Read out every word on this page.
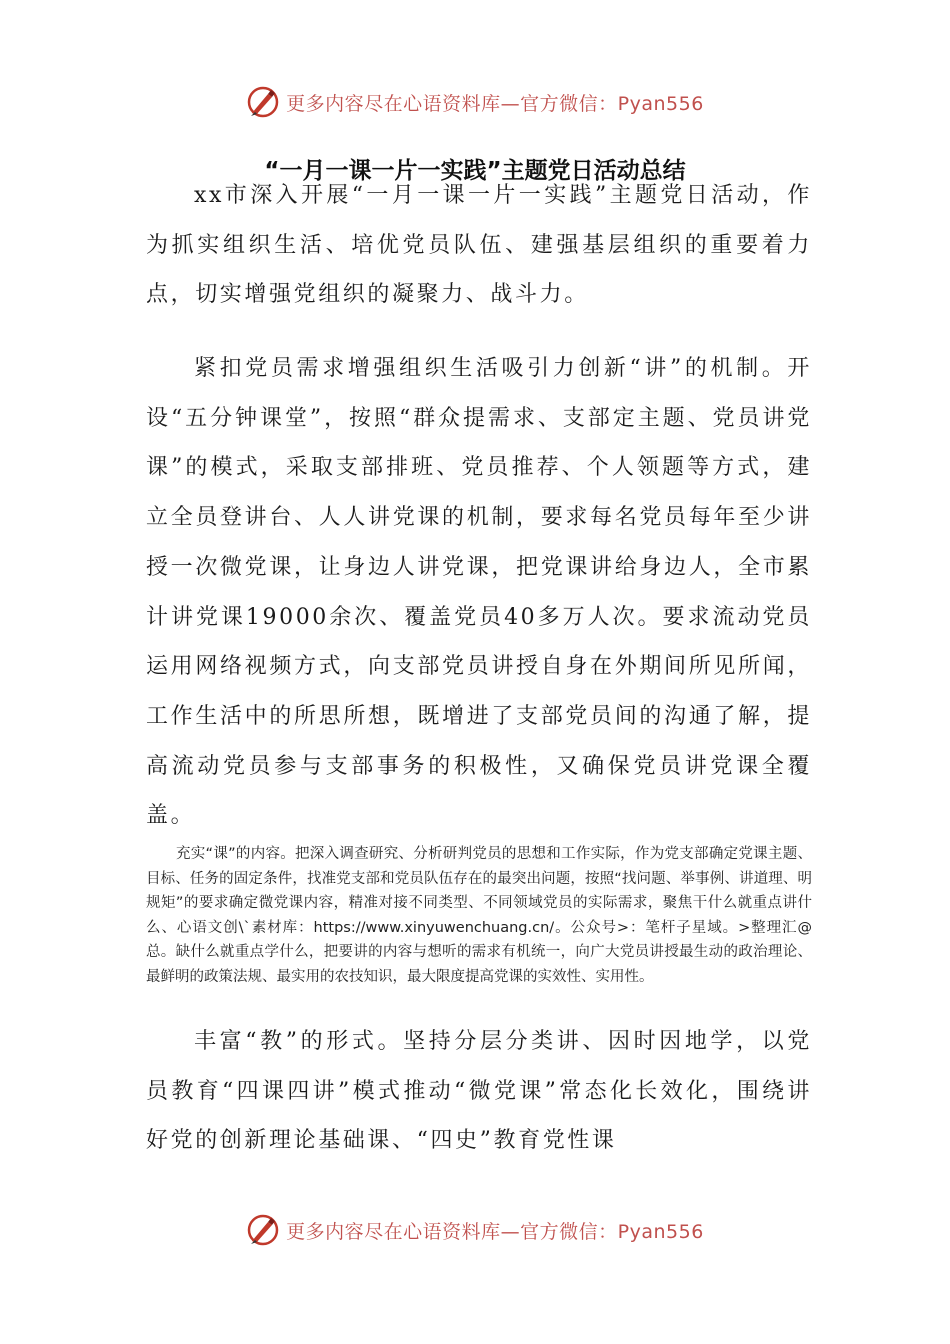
更多内容尽在心语资料库—官方微信：Pyan556
“一月一课一片一实践”主题党日活动总结

xx市深入开展“一月一课一片一实践”主题党日活动，作为抓实组织生活、培优党员队伍、建强基层组织的重要着力点，切实增强党组织的凝聚力、战斗力。

紧扣党员需求增强组织生活吸引力创新“讲”的机制。开设“五分钟课堂”，按照“群众提需求、支部定主题、党员讲党课”的模式，采取支部排班、党员推荐、个人领题等方式，建立全员登讲台、人人讲党课的机制，要求每名党员每年至少讲授一次微党课，让身边人讲党课，把党课讲给身边人，全市累计讲党课19000余次、覆盖党员40多万人次。要求流动党员运用网络视频方式，向支部党员讲授自身在外期间所见所闻，工作生活中的所思所想，既增进了支部党员间的沟通了解，提高流动党员参与支部事务的积极性，又确保党员讲党课全覆盖。

充实“课”的内容。把深入调查研究、分析研判党员的思想和工作实际，作为党支部确定党课主题、目标、任务的固定条件，找准党支部和党员队伍存在的最突出问题，按照“找问题、举事例、讲道理、明规矩”的要求确定微党课内容，精准对接不同类型、不同领域党员的实际需求，聚焦干什么就重点讲什么、心语文创\`素材库：https://www.xinyuwenchuang.cn/。公众号>：笔杆子星域。>整理汇@总。缺什么就重点学什么，把要讲的内容与想听的需求有机统一，向广大党员讲授最生动的政治理论、最鲜明的政策法规、最实用的农技知识，最大限度提高党课的实效性、实用性。

丰富“教”的形式。坚持分层分类讲、因时因地学，以党员教育“四课四讲”模式推动“微党课”常态化长效化，围绕讲好党的创新理论基础课、“四史”教育党性课

更多内容尽在心语资料库—官方微信：Pyan556
